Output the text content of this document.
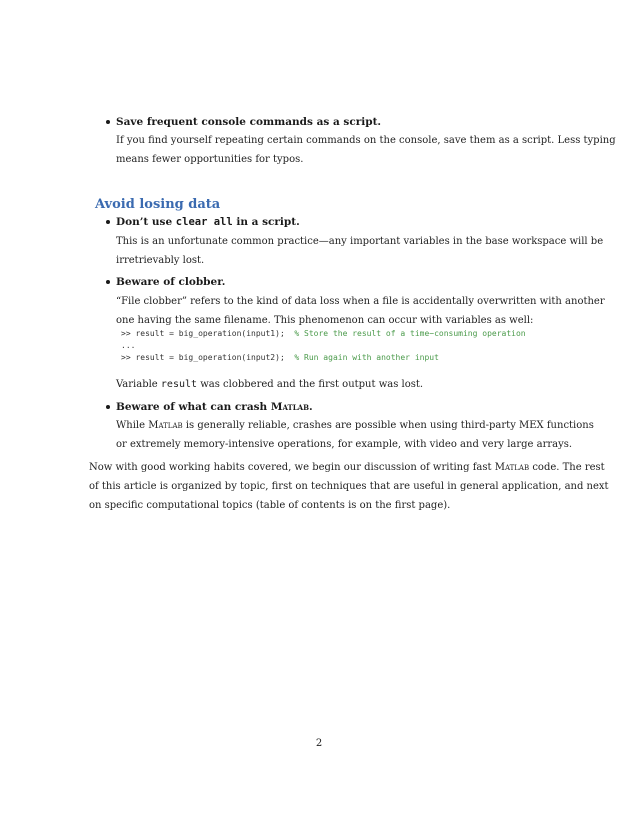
Save frequent console commands as a script.
If you find yourself repeating certain commands on the console, save them as a script. Less typing
means fewer opportunities for typos.
Avoid losing data
Don’t use clear all in a script.
This is an unfortunate common practice—any important variables in the base workspace will be
irretrievably lost.
Beware of clobber.
“File clobber” refers to the kind of data loss when a file is accidentally overwritten with another
one having the same filename. This phenomenon can occur with variables as well:
Variable result was clobbered and the first output was lost.
>> result = big_operation(input1); % Store the result of a time−consuming operation
...
>> result = big_operation(input2); % Run again with another input
Beware of what can crash Matlab.
While Matlab is generally reliable, crashes are possible when using third-party MEX functions
or extremely memory-intensive operations, for example, with video and very large arrays.
Now with good working habits covered, we begin our discussion of writing fast Matlab code. The rest
of this article is organized by topic, first on techniques that are useful in general application, and next
on specific computational topics (table of contents is on the first page).
2
